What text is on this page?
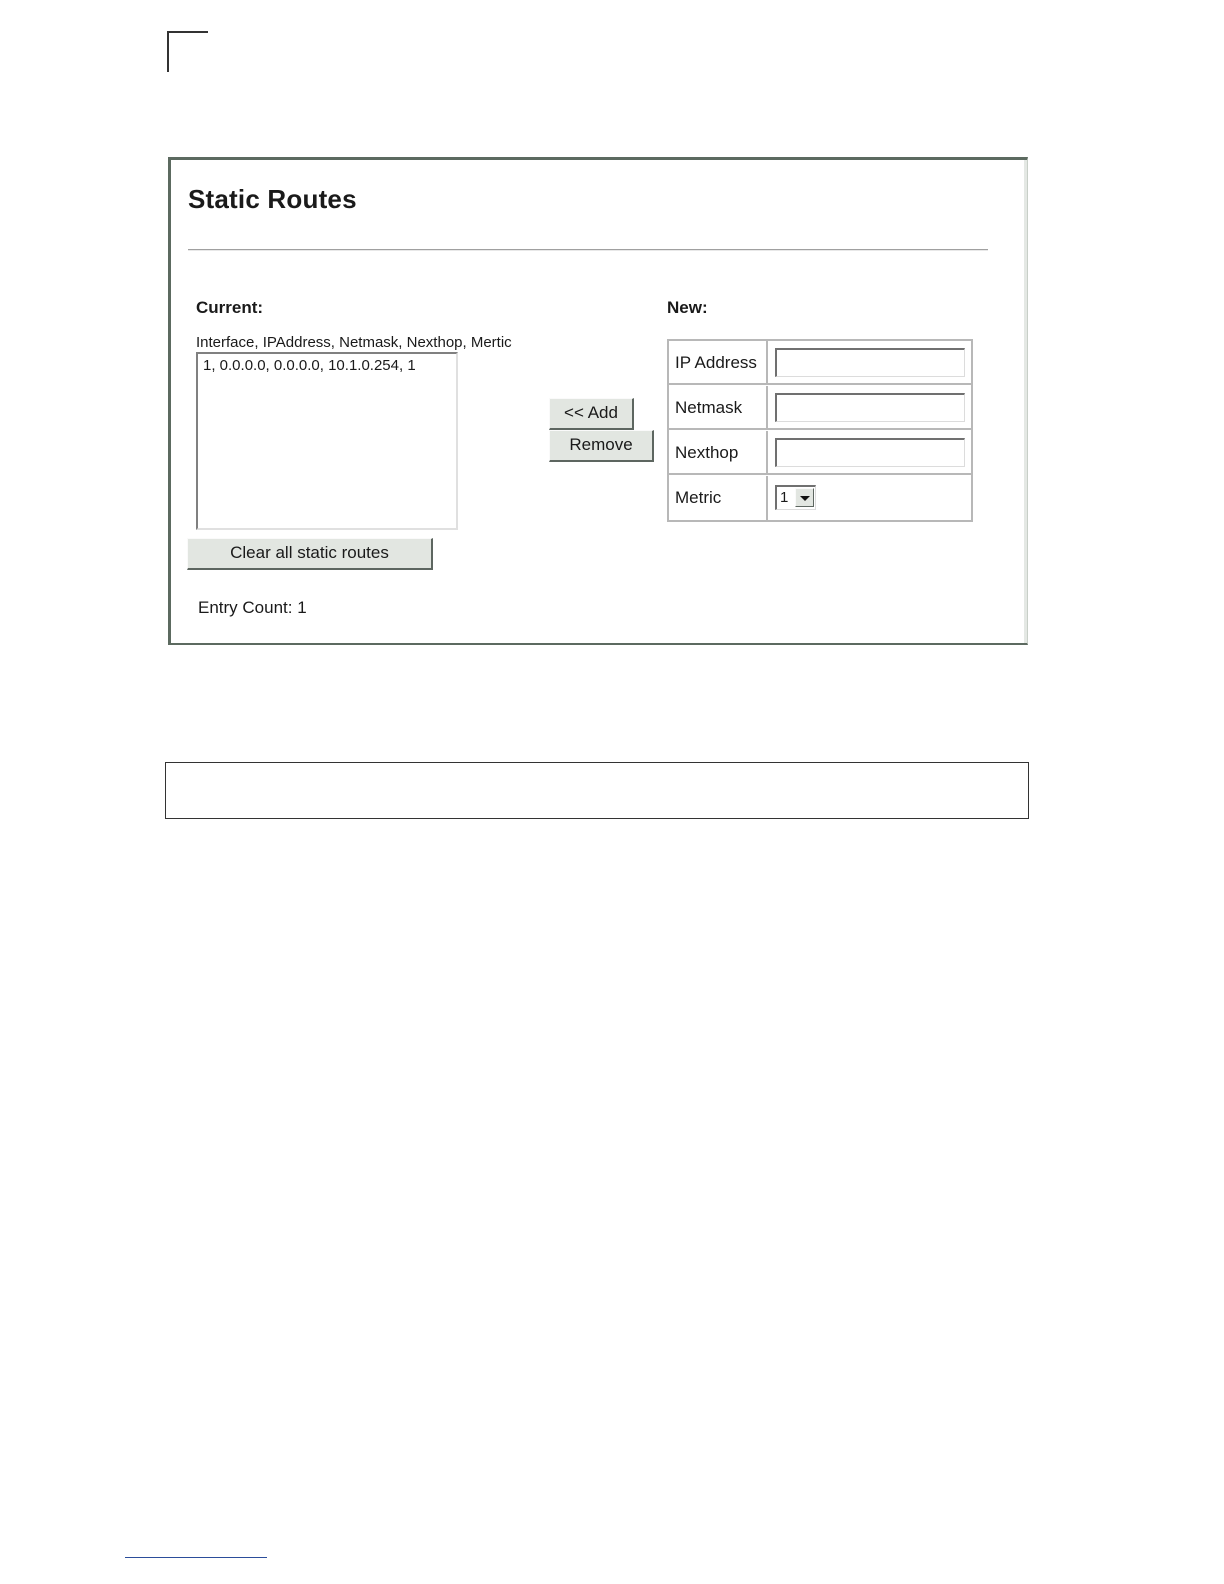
Static Routes
Current:	New:
Interface, IPAddress, Netmask, Nexthop, Mertic
1, 0.0.0.0, 0.0.0.0, 10.1.0.254, 1
Clear all static routes
<< Add
Remove
Entry Count: 1
IP Address
Netmask
Nexthop
Metric	1
